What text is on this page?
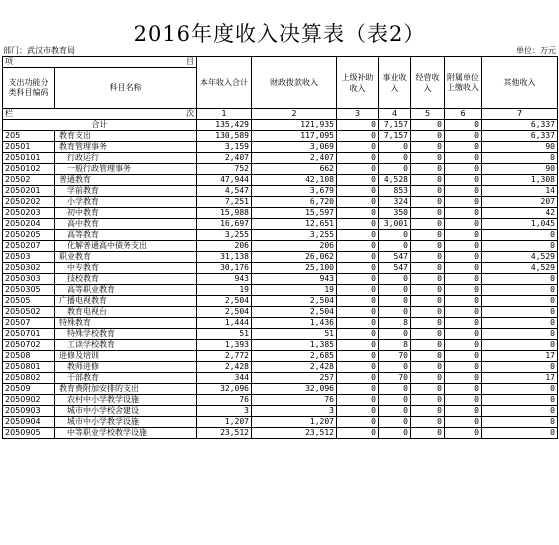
2016年度收入决算表（表2）
部门：武汉市教育局	单位：万元
项 目		本年收入合计	财政拨款收入	上级补助收入	事业收入	经营收入	附属单位上缴收入	其他收入
支出功能分类科目编码	科目名称							

栏 次		1	2	3	4	5	6	7
合计		135,429	121,935	0	7,157	0	0	6,337
205	教育支出	130,589	117,095	0	7,157	0	0	6,337
20501	教育管理事务	3,159	3,069	0	0	0	0	90
2050101	行政运行	2,407	2,407	0	0	0	0	0
2050102	一般行政管理事务	752	662	0	0	0	0	90
20502	普通教育	47,944	42,108	0	4,528	0	0	1,308
2050201	学前教育	4,547	3,679	0	853	0	0	14
2050202	小学教育	7,251	6,720	0	324	0	0	207
2050203	初中教育	15,988	15,597	0	350	0	0	42
2050204	高中教育	16,697	12,651	0	3,001	0	0	1,045
2050205	高等教育	3,255	3,255	0	0	0	0	0
2050207	化解普通高中债务支出	206	206	0	0	0	0	0
20503	职业教育	31,138	26,062	0	547	0	0	4,529
2050302	中专教育	30,176	25,100	0	547	0	0	4,529
2050303	技校教育	943	943	0	0	0	0	0
2050305	高等职业教育	19	19	0	0	0	0	0
20505	广播电视教育	2,504	2,504	0	0	0	0	0
2050502	教育电视台	2,504	2,504	0	0	0	0	0
20507	特殊教育	1,444	1,436	0	8	0	0	0
2050701	特殊学校教育	51	51	0	0	0	0	0
2050702	工读学校教育	1,393	1,385	0	8	0	0	0
20508	进修及培训	2,772	2,685	0	70	0	0	17
2050801	教师进修	2,428	2,428	0	0	0	0	0
2050802	干部教育	344	257	0	70	0	0	17
20509	教育费附加安排的支出	32,096	32,096	0	0	0	0	0
2050902	农村中小学教学设施	76	76	0	0	0	0	0
2050903	城市中小学校舍建设	3	3	0	0	0	0	0
2050904	城市中小学教学设施	1,207	1,207	0	0	0	0	0
2050905	中等职业学校教学设施	23,512	23,512	0	0	0	0	0
